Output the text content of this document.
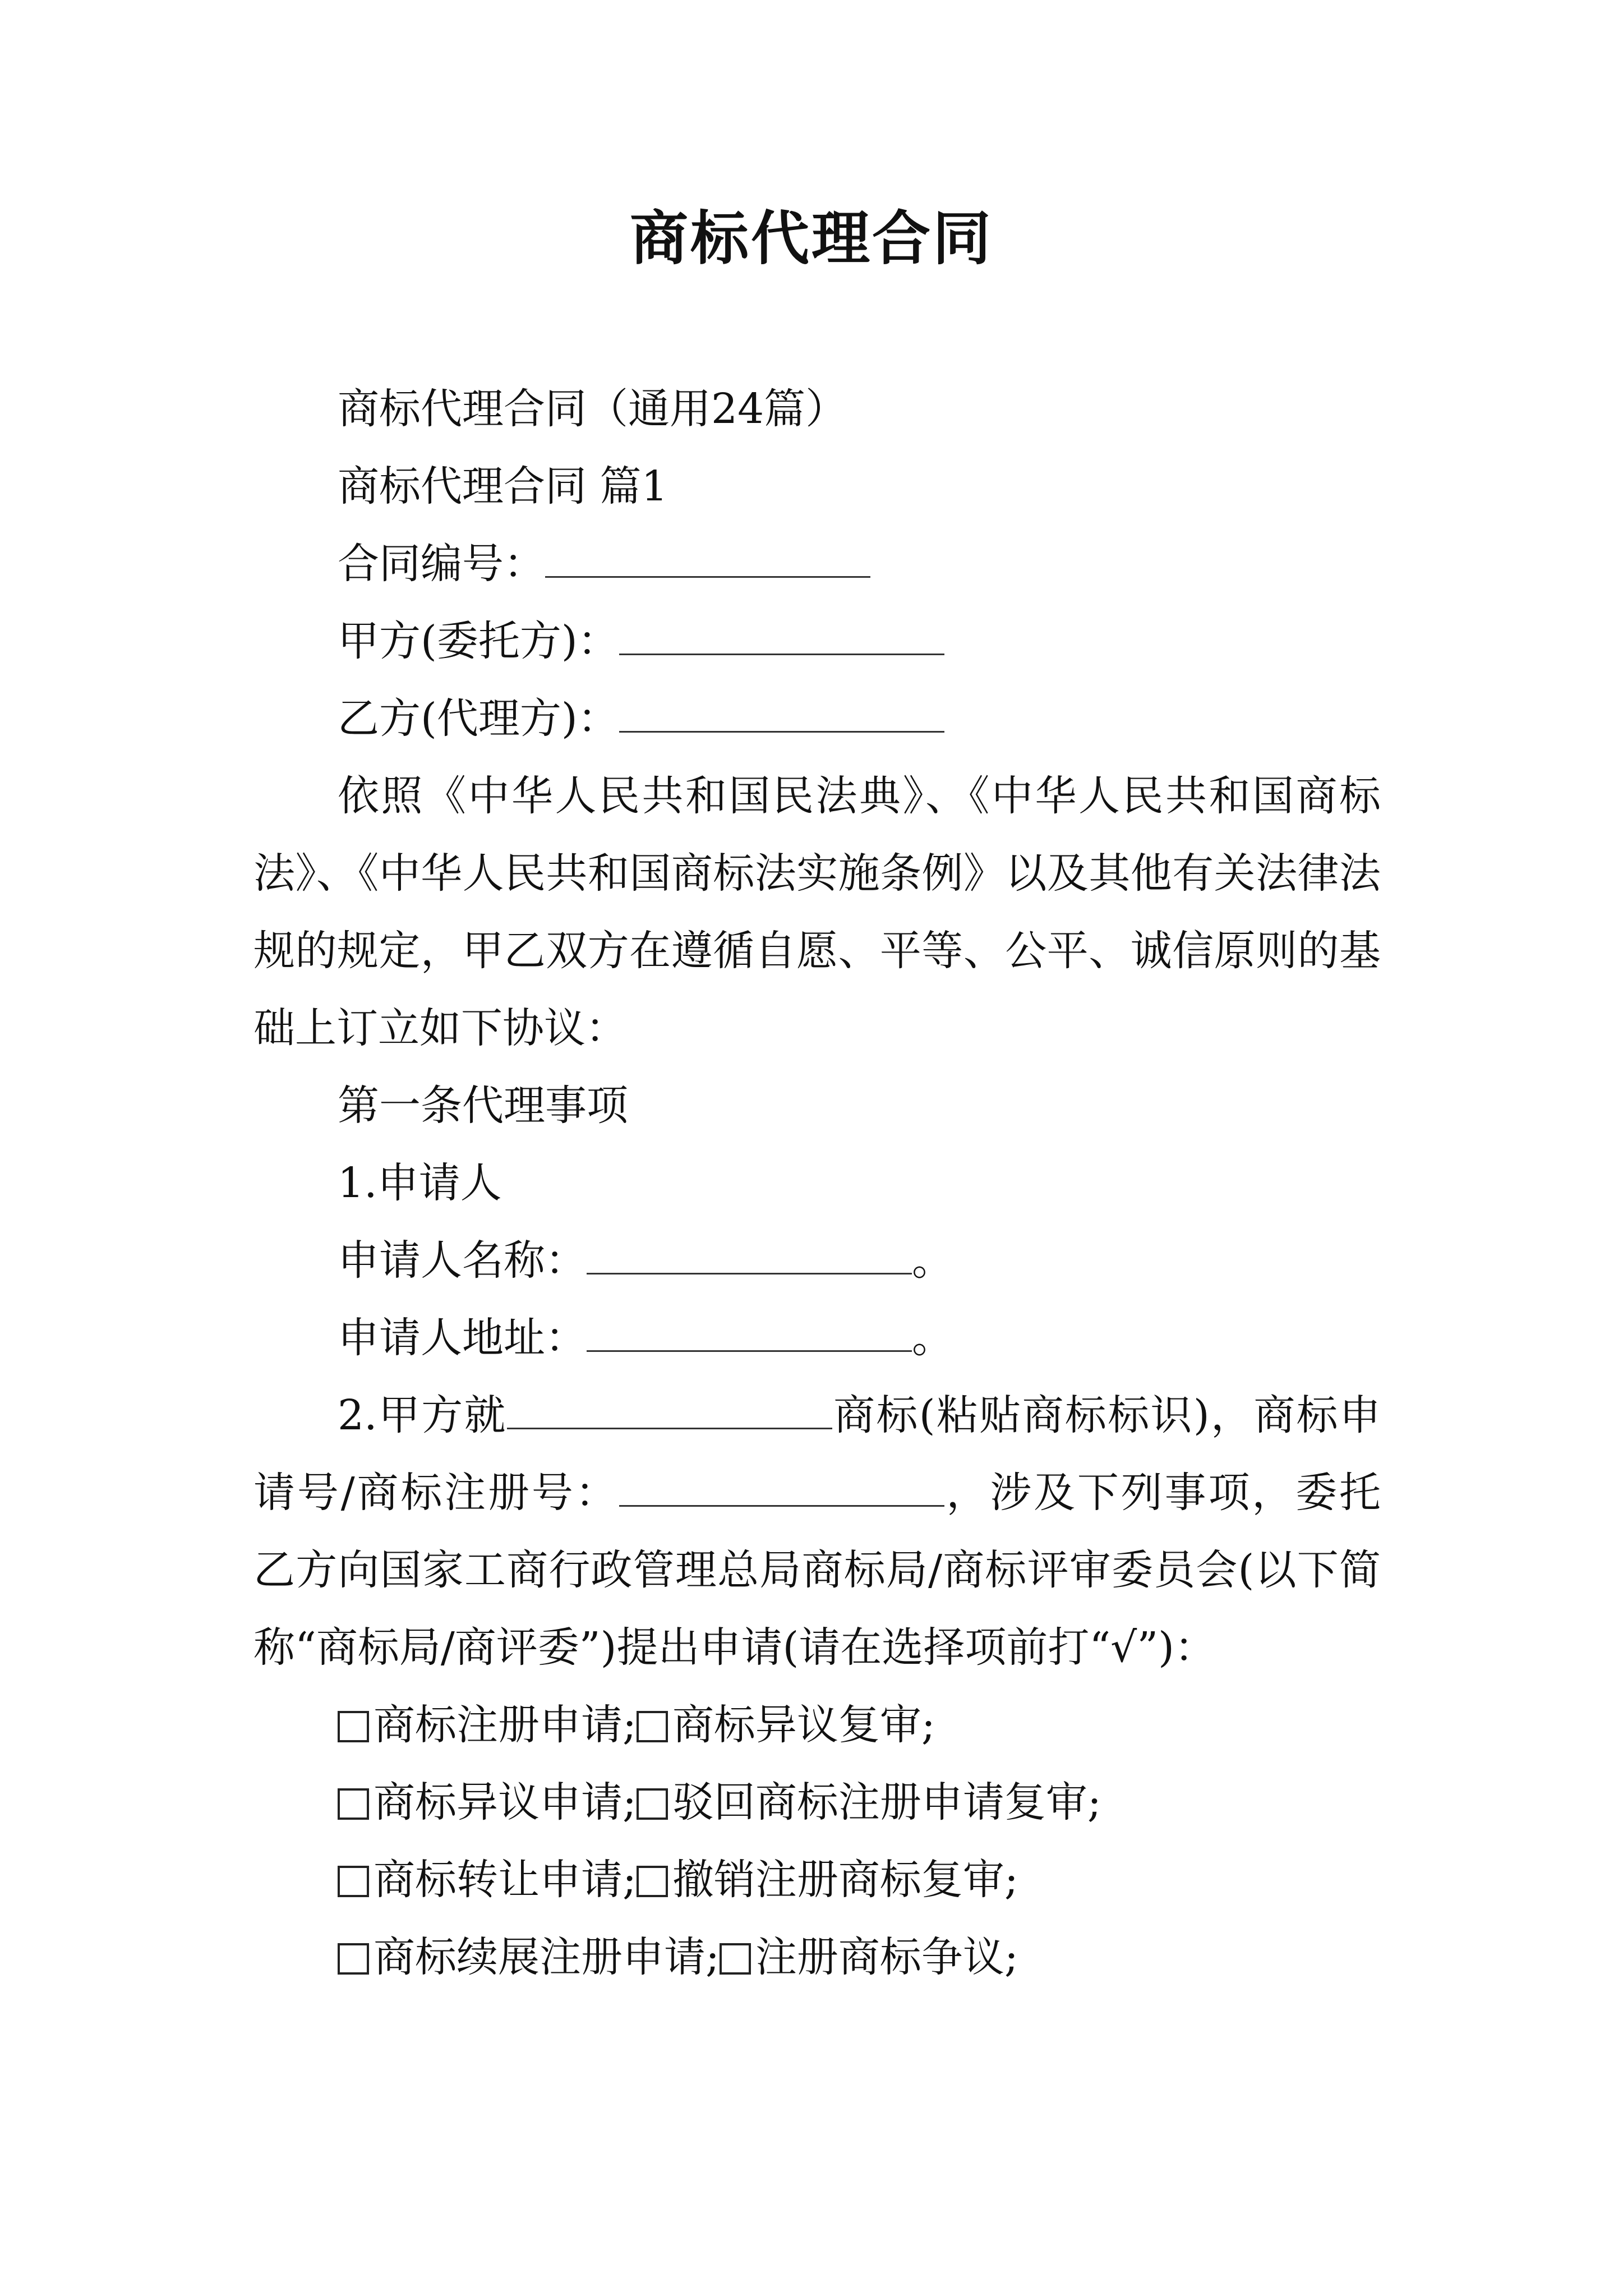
商标代理合同

商标代理合同（通用24篇）

商标代理合同 篇1

合同编号：

甲方(委托方)：

乙方(代理方)：

依照《中华人民共和国民法典》、《中华人民共和国商标法》、《中华人民共和国商标法实施条例》以及其他有关法律法规的规定，甲乙双方在遵循自愿、平等、公平、诚信原则的基础上订立如下协议：

第一条代理事项

1.申请人

申请人名称：	。

申请人地址：	。

2.甲方就	商标(粘贴商标标识)，商标申请号/商标注册号：	，涉及下列事项，委托乙方向国家工商行政管理总局商标局/商标评审委员会(以下简称“商标局/商评委”)提出申请(请在选择项前打“√”)：

商标注册申请; 商标异议复审;

商标异议申请; 驳回商标注册申请复审;

商标转让申请; 撤销注册商标复审;

商标续展注册申请; 注册商标争议;
